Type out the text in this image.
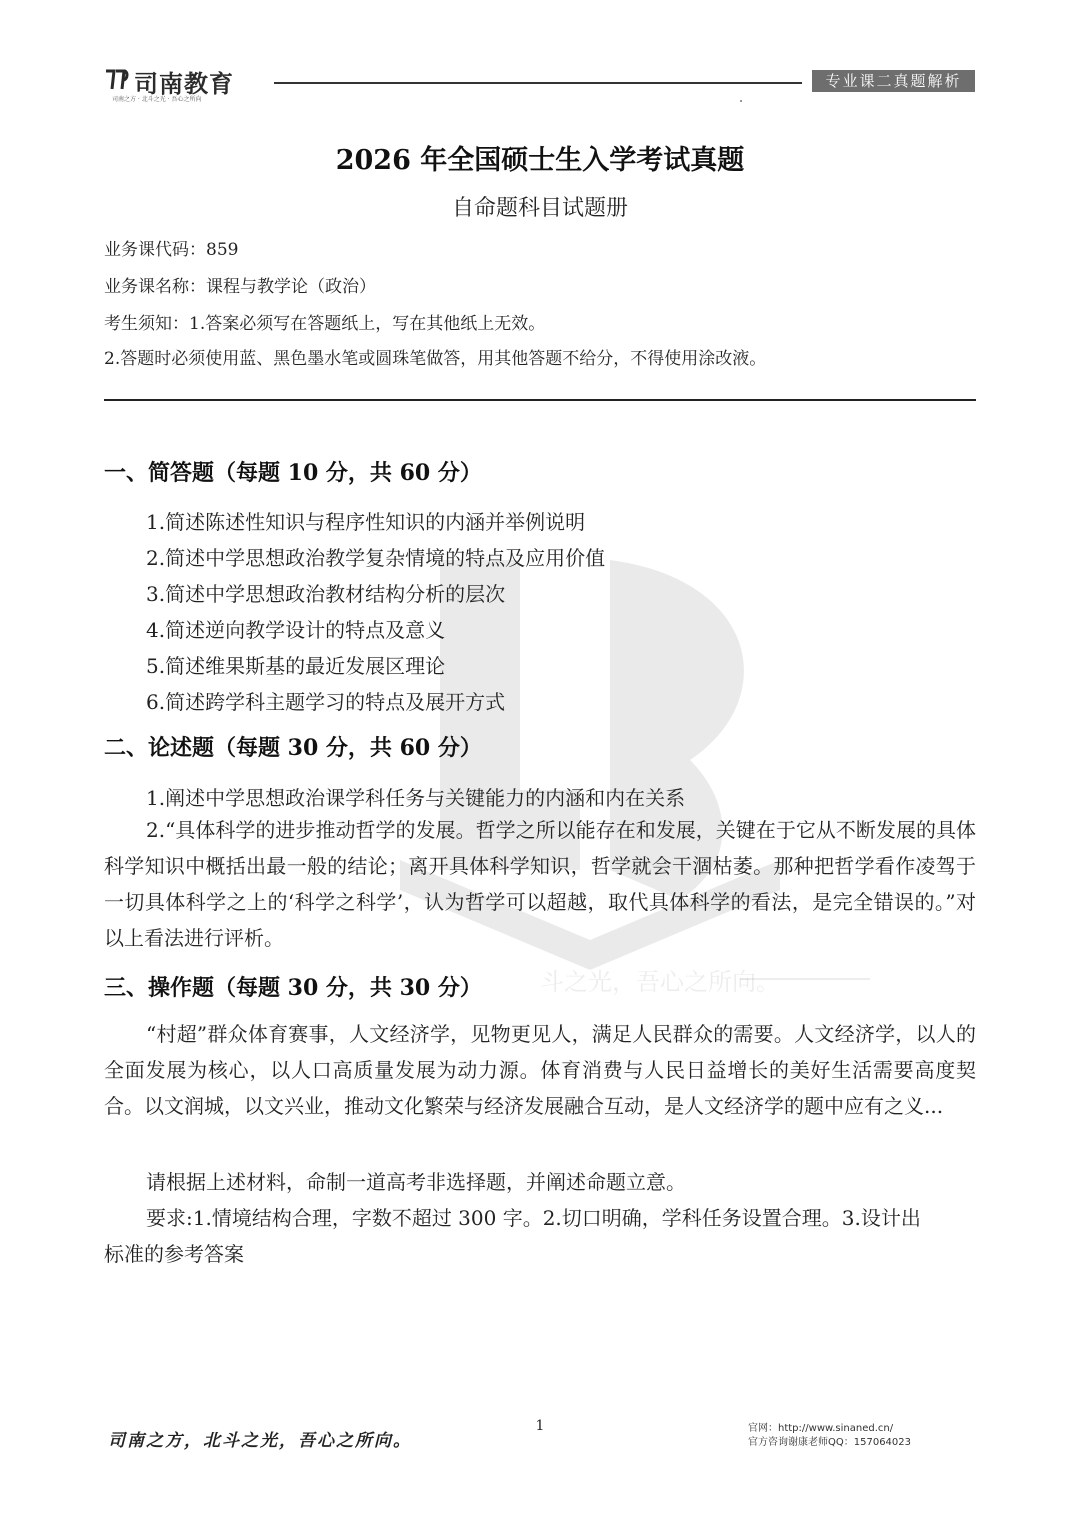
司南教育
司南之方 · 北斗之光 · 吾心之所向
专业课二真题解析
斗之光，吾心之所向。
2026 年全国硕士生入学考试真题
自命题科目试题册
业务课代码：859
业务课名称：课程与教学论（政治）
考生须知：1.答案必须写在答题纸上，写在其他纸上无效。
2.答题时必须使用蓝、黑色墨水笔或圆珠笔做答，用其他答题不给分，不得使用涂改液。
一、简答题（每题 10 分，共 60 分）
1.简述陈述性知识与程序性知识的内涵并举例说明
2.简述中学思想政治教学复杂情境的特点及应用价值
3.简述中学思想政治教材结构分析的层次
4.简述逆向教学设计的特点及意义
5.简述维果斯基的最近发展区理论
6.简述跨学科主题学习的特点及展开方式
二、论述题（每题 30 分，共 60 分）
1.阐述中学思想政治课学科任务与关键能力的内涵和内在关系
2.“具体科学的进步推动哲学的发展。哲学之所以能存在和发展，关键在于它从不断发展的具体科学知识中概括出最一般的结论；离开具体科学知识，哲学就会干涸枯萎。那种把哲学看作凌驾于一切具体科学之上的‘科学之科学’，认为哲学可以超越，取代具体科学的看法，是完全错误的。”对以上看法进行评析。
三、操作题（每题 30 分，共 30 分）
“村超”群众体育赛事，人文经济学，见物更见人，满足人民群众的需要。人文经济学，以人的全面发展为核心，以人口高质量发展为动力源。体育消费与人民日益增长的美好生活需要高度契合。以文润城，以文兴业，推动文化繁荣与经济发展融合互动，是人文经济学的题中应有之义...
请根据上述材料，命制一道高考非选择题，并阐述命题立意。
要求:1.情境结构合理，字数不超过 300 字。2.切口明确，学科任务设置合理。3.设计出
标准的参考答案
司南之方，北斗之光，吾心之所向。
1	官网：http://www.sinaned.cn/
官方咨询谢康老师QQ：157064023
